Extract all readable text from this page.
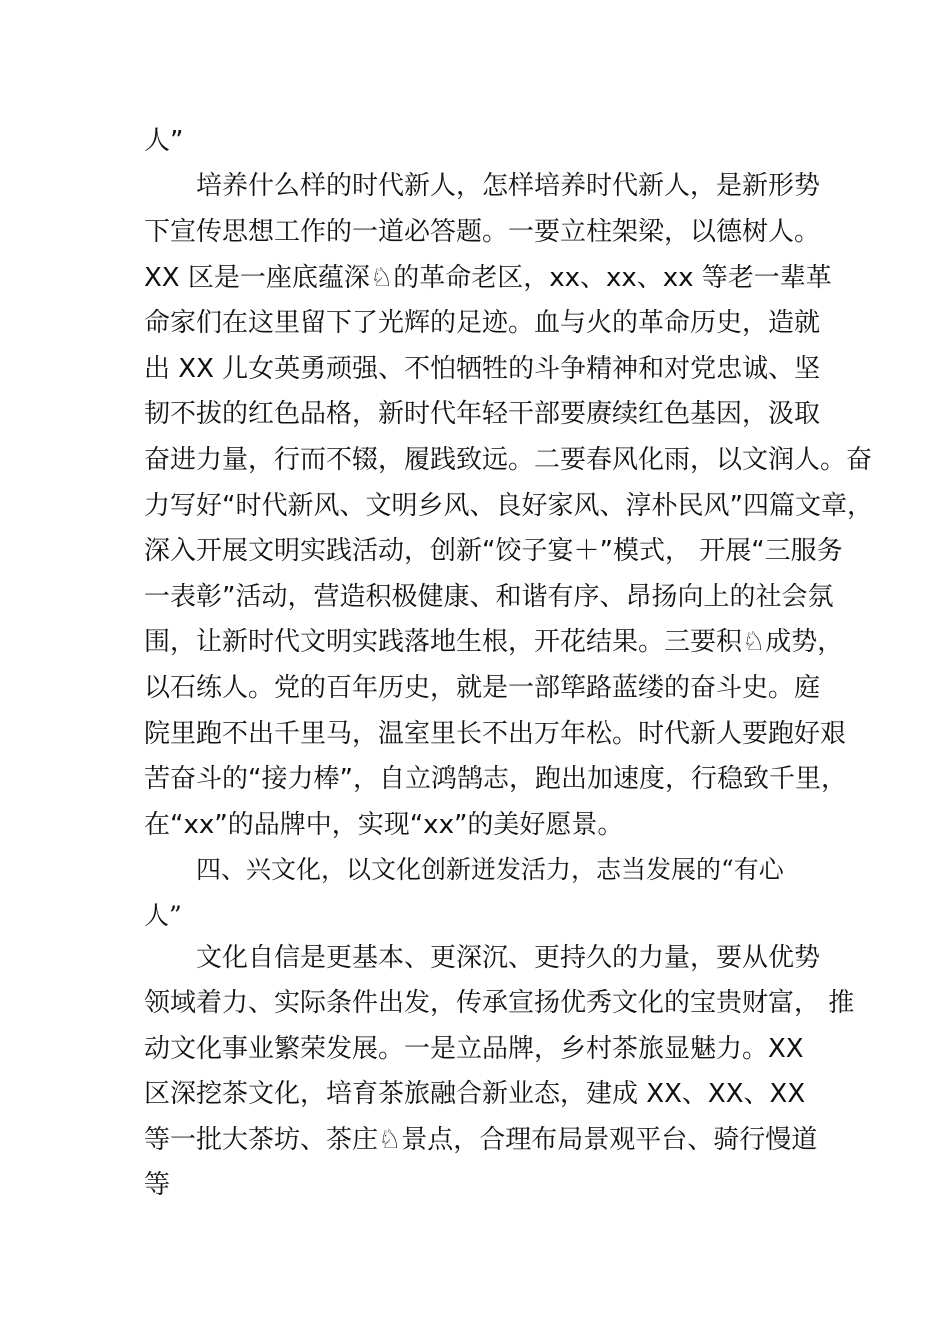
人”
培养什么样的时代新人，怎样培养时代新人，是新形势
下宣传思想工作的一道必答题。一要立柱架梁，以德树人。
XX 区是一座底蕴深♘的革命老区，xx、xx、xx 等老一辈革
命家们在这里留下了光辉的足迹。血与火的革命历史，造就
出 XX 儿女英勇顽强、不怕牺牲的斗争精神和对党忠诚、坚
韧不拔的红色品格，新时代年轻干部要赓续红色基因，汲取
奋进力量，行而不辍，履践致远。二要春风化雨，以文润人。奋
力写好“时代新风、文明乡风、良好家风、淳朴民风”四篇文章，
深入开展文明实践活动，创新“饺子宴＋”模式， 开展“三服务
一表彰”活动，营造积极健康、和谐有序、昂扬向上的社会氛
围，让新时代文明实践落地生根，开花结果。三要积♘成势，
以石练人。党的百年历史，就是一部筚路蓝缕的奋斗史。庭
院里跑不出千里马，温室里长不出万年松。时代新人要跑好艰
苦奋斗的“接力棒”，自立鸿鹄志，跑出加速度，行稳致千里，
在“xx”的品牌中，实现“xx”的美好愿景。
四、兴文化，以文化创新迸发活力，志当发展的“有心
人”
文化自信是更基本、更深沉、更持久的力量，要从优势
领域着力、实际条件出发，传承宣扬优秀文化的宝贵财富， 推
动文化事业繁荣发展。一是立品牌，乡村茶旅显魅力。XX
区深挖茶文化，培育茶旅融合新业态，建成 XX、XX、XX
等一批大茶坊、茶庄♘景点，合理布局景观平台、骑行慢道
等
